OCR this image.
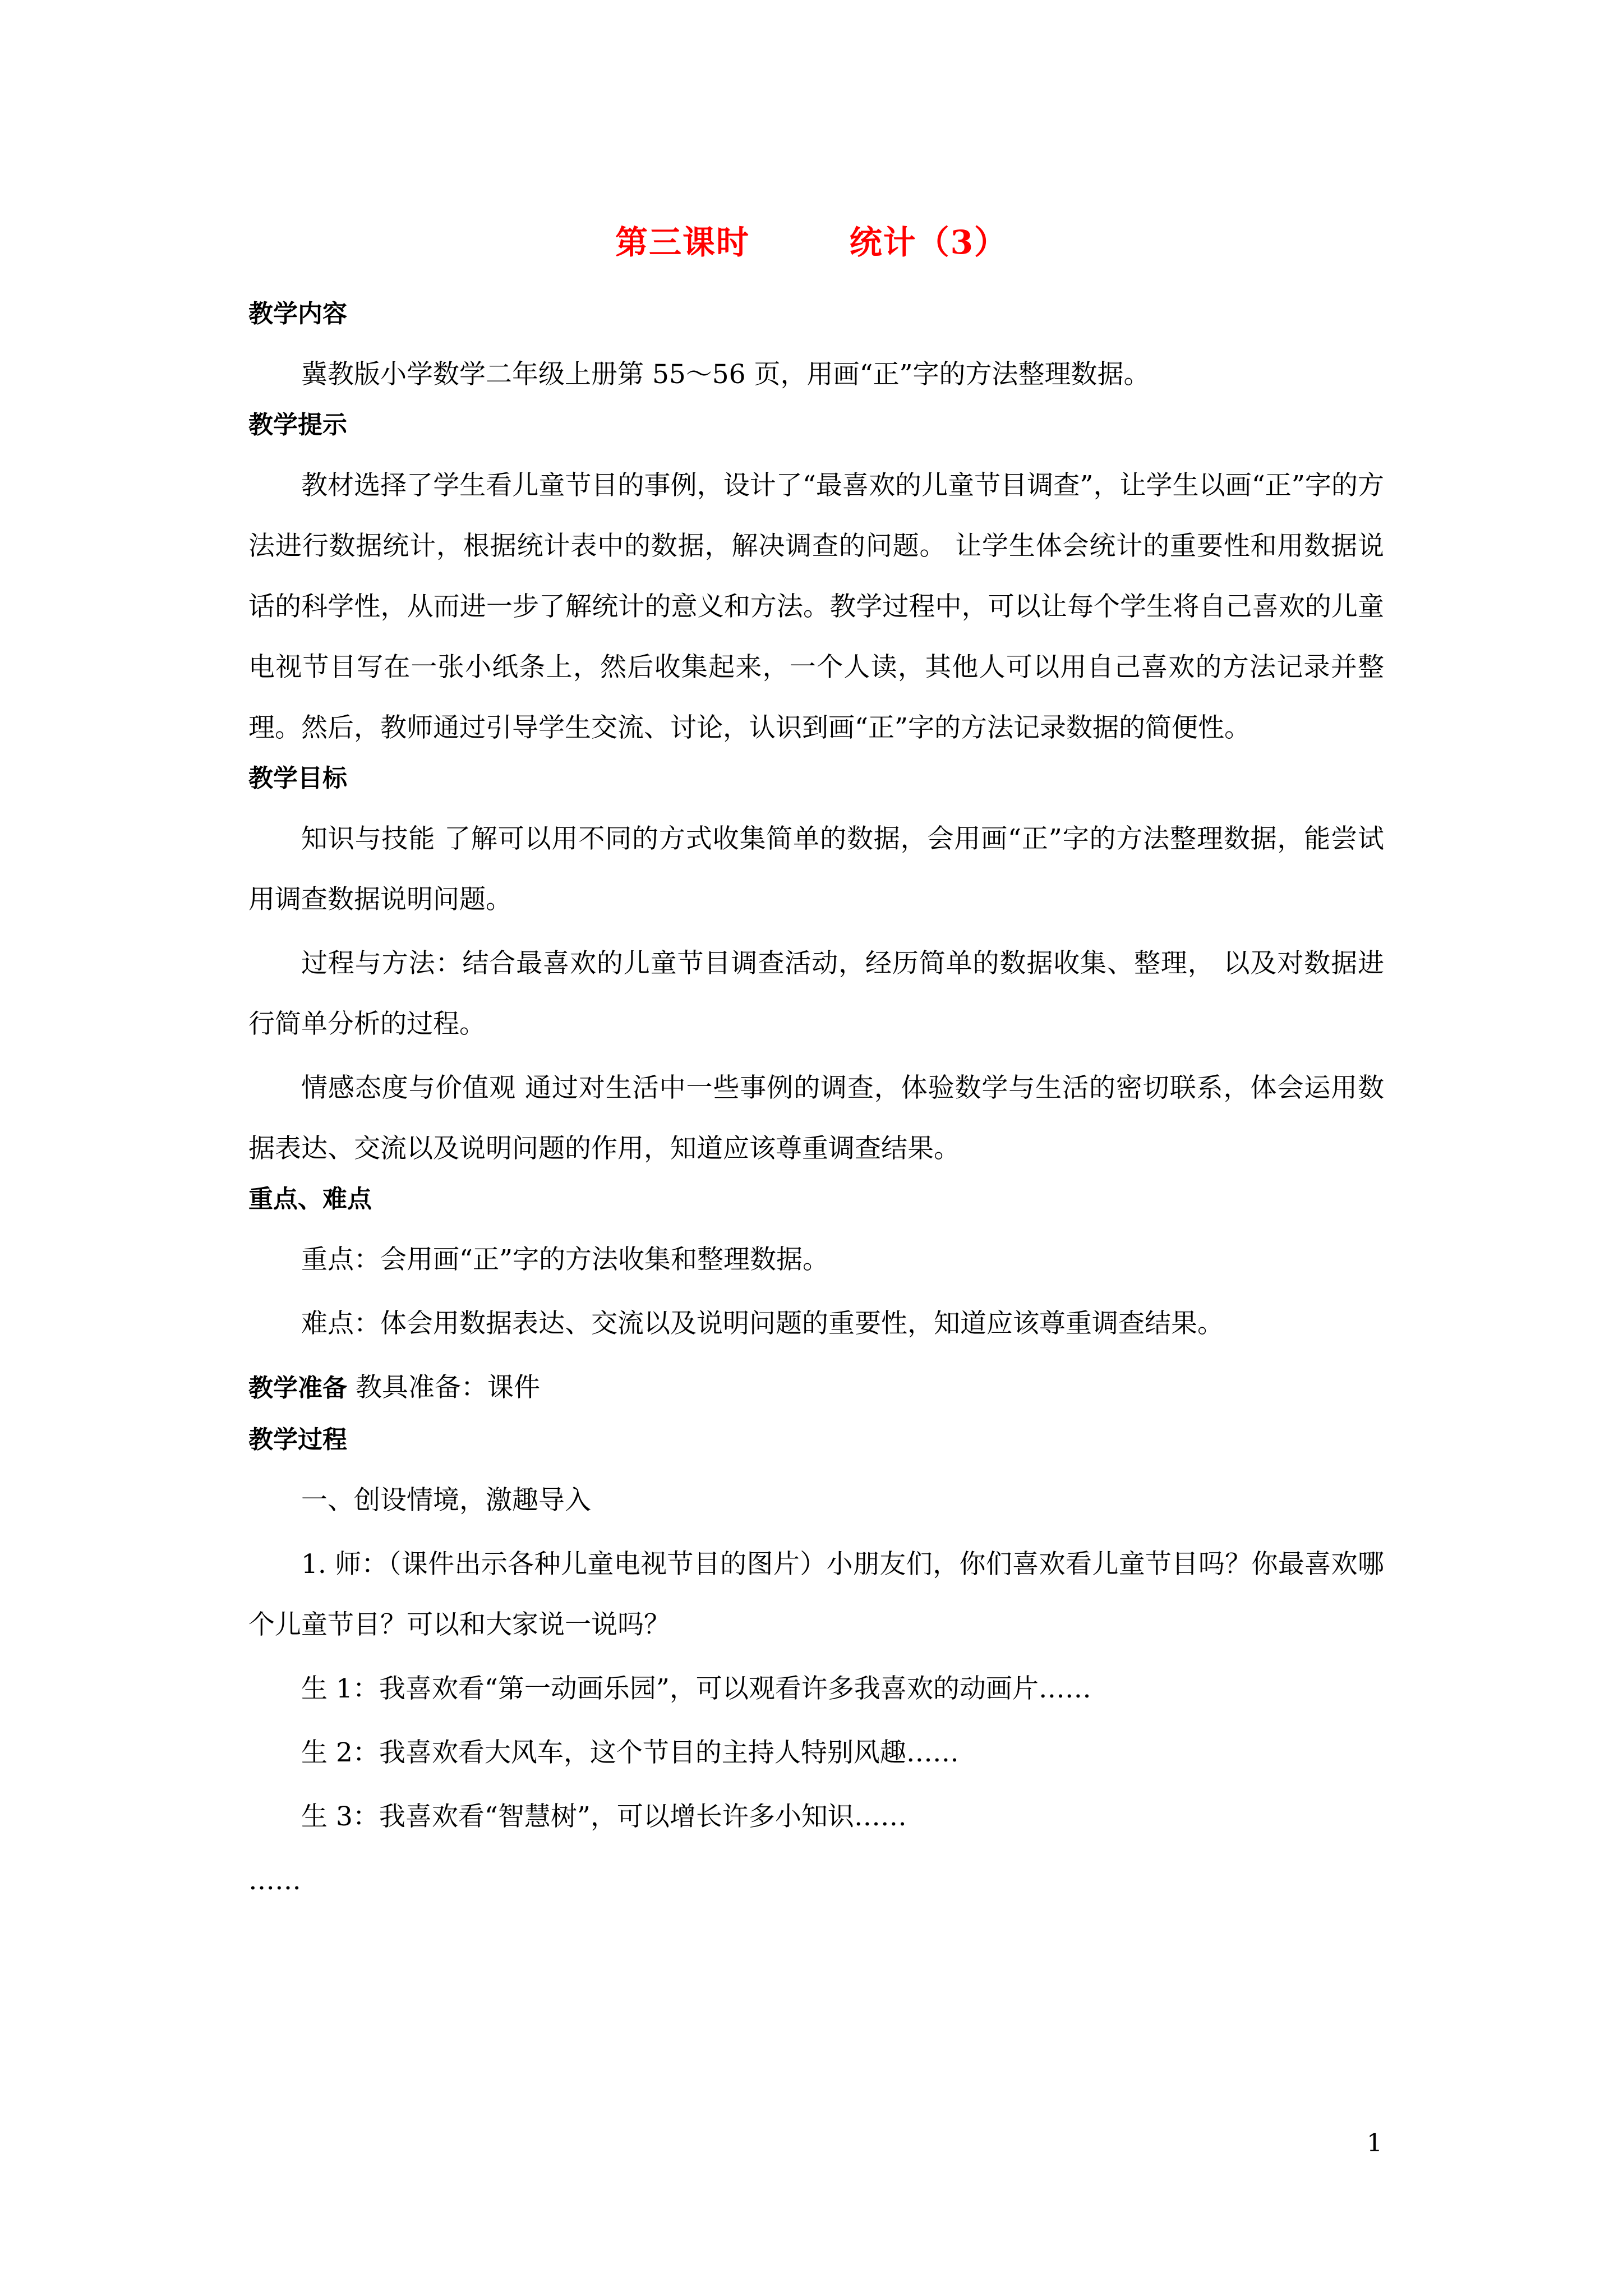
第三课时        统计（3）
教学内容

冀教版小学数学二年级上册第 55～56 页，用画“正”字的方法整理数据。

教学提示

教材选择了学生看儿童节目的事例，设计了“最喜欢的儿童节目调查”，让学生以画“正”字的方法进行数据统计，根据统计表中的数据，解决调查的问题。 让学生体会统计的重要性和用数据说话的科学性，从而进一步了解统计的意义和方法。教学过程中，可以让每个学生将自己喜欢的儿童电视节目写在一张小纸条上，然后收集起来，一个人读，其他人可以用自己喜欢的方法记录并整理。然后，教师通过引导学生交流、讨论，认识到画“正”字的方法记录数据的简便性。

教学目标

知识与技能 了解可以用不同的方式收集简单的数据，会用画“正”字的方法整理数据，能尝试用调查数据说明问题。

过程与方法：结合最喜欢的儿童节目调查活动，经历简单的数据收集、整理， 以及对数据进行简单分析的过程。

情感态度与价值观 通过对生活中一些事例的调查，体验数学与生活的密切联系，体会运用数据表达、交流以及说明问题的作用，知道应该尊重调查结果。

重点、难点

重点：会用画“正”字的方法收集和整理数据。

难点：体会用数据表达、交流以及说明问题的重要性，知道应该尊重调查结果。

教学准备 教具准备：课件

教学过程

一、创设情境，激趣导入

1. 师：（课件出示各种儿童电视节目的图片）小朋友们，你们喜欢看儿童节目吗？你最喜欢哪个儿童节目？可以和大家说一说吗？

生 1：我喜欢看“第一动画乐园”，可以观看许多我喜欢的动画片……

生 2：我喜欢看大风车，这个节目的主持人特别风趣……

生 3：我喜欢看“智慧树”，可以增长许多小知识……

……

1
